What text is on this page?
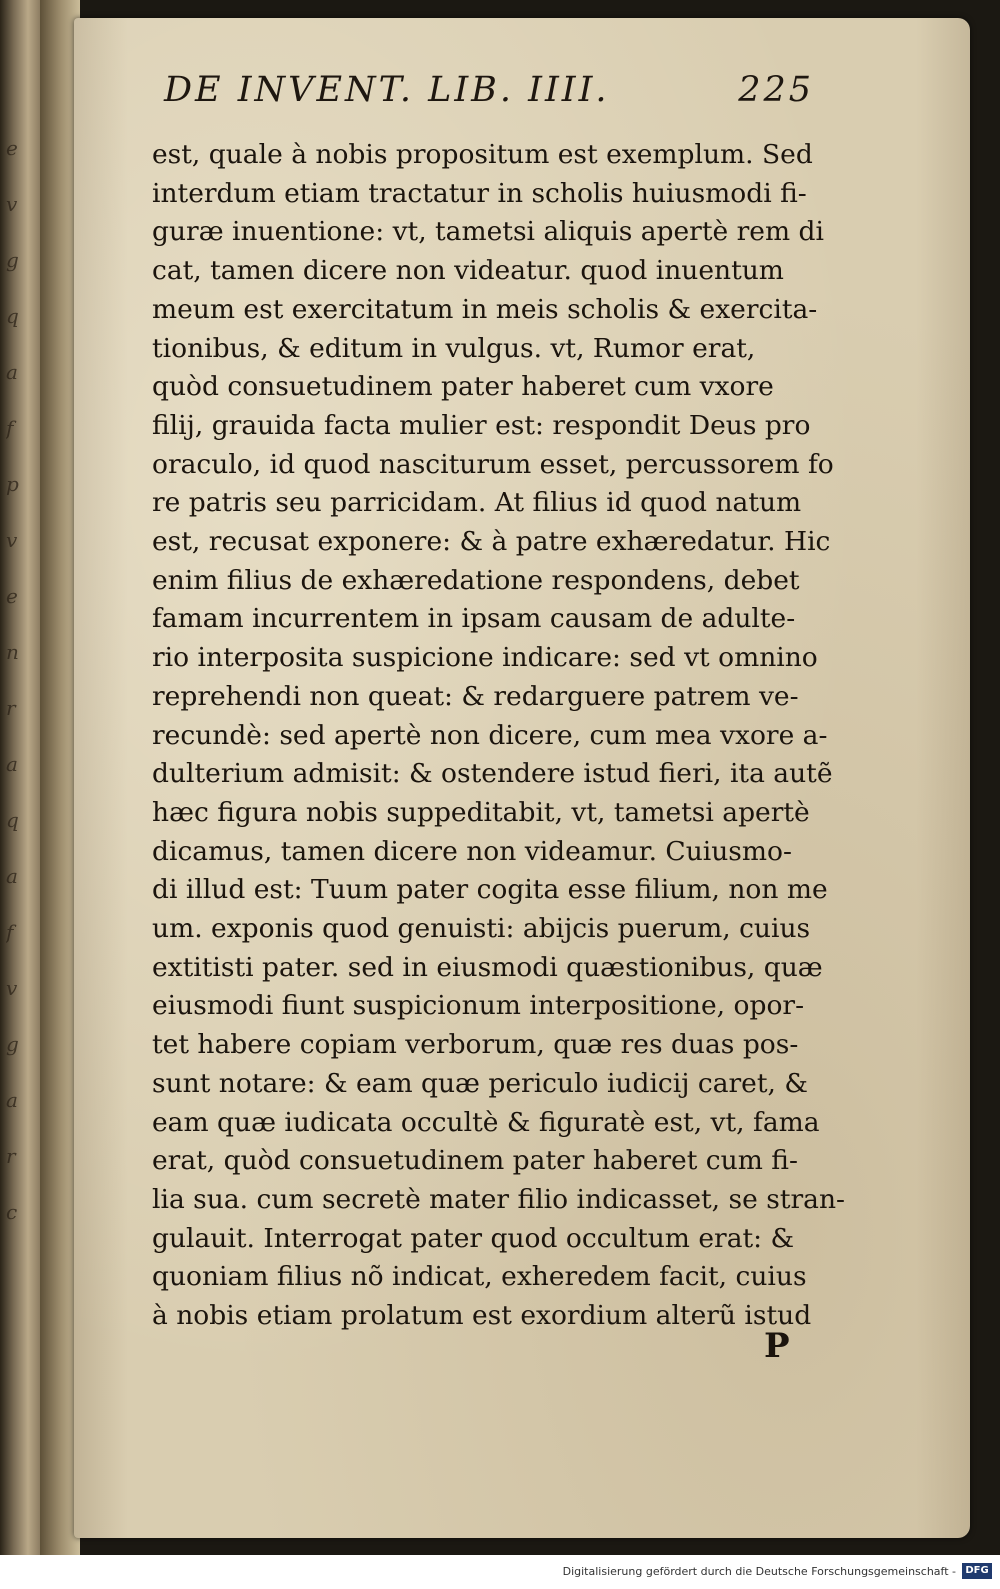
e
v
g
q
a
f
p
v
e
n
r
a
q
a
f
v
g
a
r
c
DE INVENT. LIB. IIII.	225
est, quale à nobis propositum est exemplum. Sed
interdum etiam tractatur in scholis huiusmodi fi-
guræ inuentione: vt, tametsi aliquis apertè rem di
cat, tamen dicere non videatur. quod inuentum
meum est exercitatum in meis scholis & exercita-
tionibus, & editum in vulgus. vt, Rumor erat,
quòd consuetudinem pater haberet cum vxore
filij, grauida facta mulier est: respondit Deus pro
oraculo, id quod nasciturum esset, percussorem fo
re patris seu parricidam. At filius id quod natum
est, recusat exponere: & à patre exhæredatur. Hic
enim filius de exhæredatione respondens, debet
famam incurrentem in ipsam causam de adulte-
rio interposita suspicione indicare: sed vt omnino
reprehendi non queat: & redarguere patrem ve-
recundè: sed apertè non dicere, cum mea vxore a-
dulterium admisit: & ostendere istud fieri, ita autẽ
hæc figura nobis suppeditabit, vt, tametsi apertè
dicamus, tamen dicere non videamur. Cuiusmo-
di illud est: Tuum pater cogita esse filium, non me
um. exponis quod genuisti: abijcis puerum, cuius
extitisti pater. sed in eiusmodi quæstionibus, quæ
eiusmodi fiunt suspicionum interpositione, opor-
tet habere copiam verborum, quæ res duas pos-
sunt notare: & eam quæ periculo iudicij caret, &
eam quæ iudicata occultè & figuratè est, vt, fama
erat, quòd consuetudinem pater haberet cum fi-
lia sua. cum secretè mater filio indicasset, se stran-
gulauit. Interrogat pater quod occultum erat: &
quoniam filius nõ indicat, exheredem facit, cuius
à nobis etiam prolatum est exordium alterũ istud
P
Digitalisierung gefördert durch die Deutsche Forschungsgemeinschaft - DFG
